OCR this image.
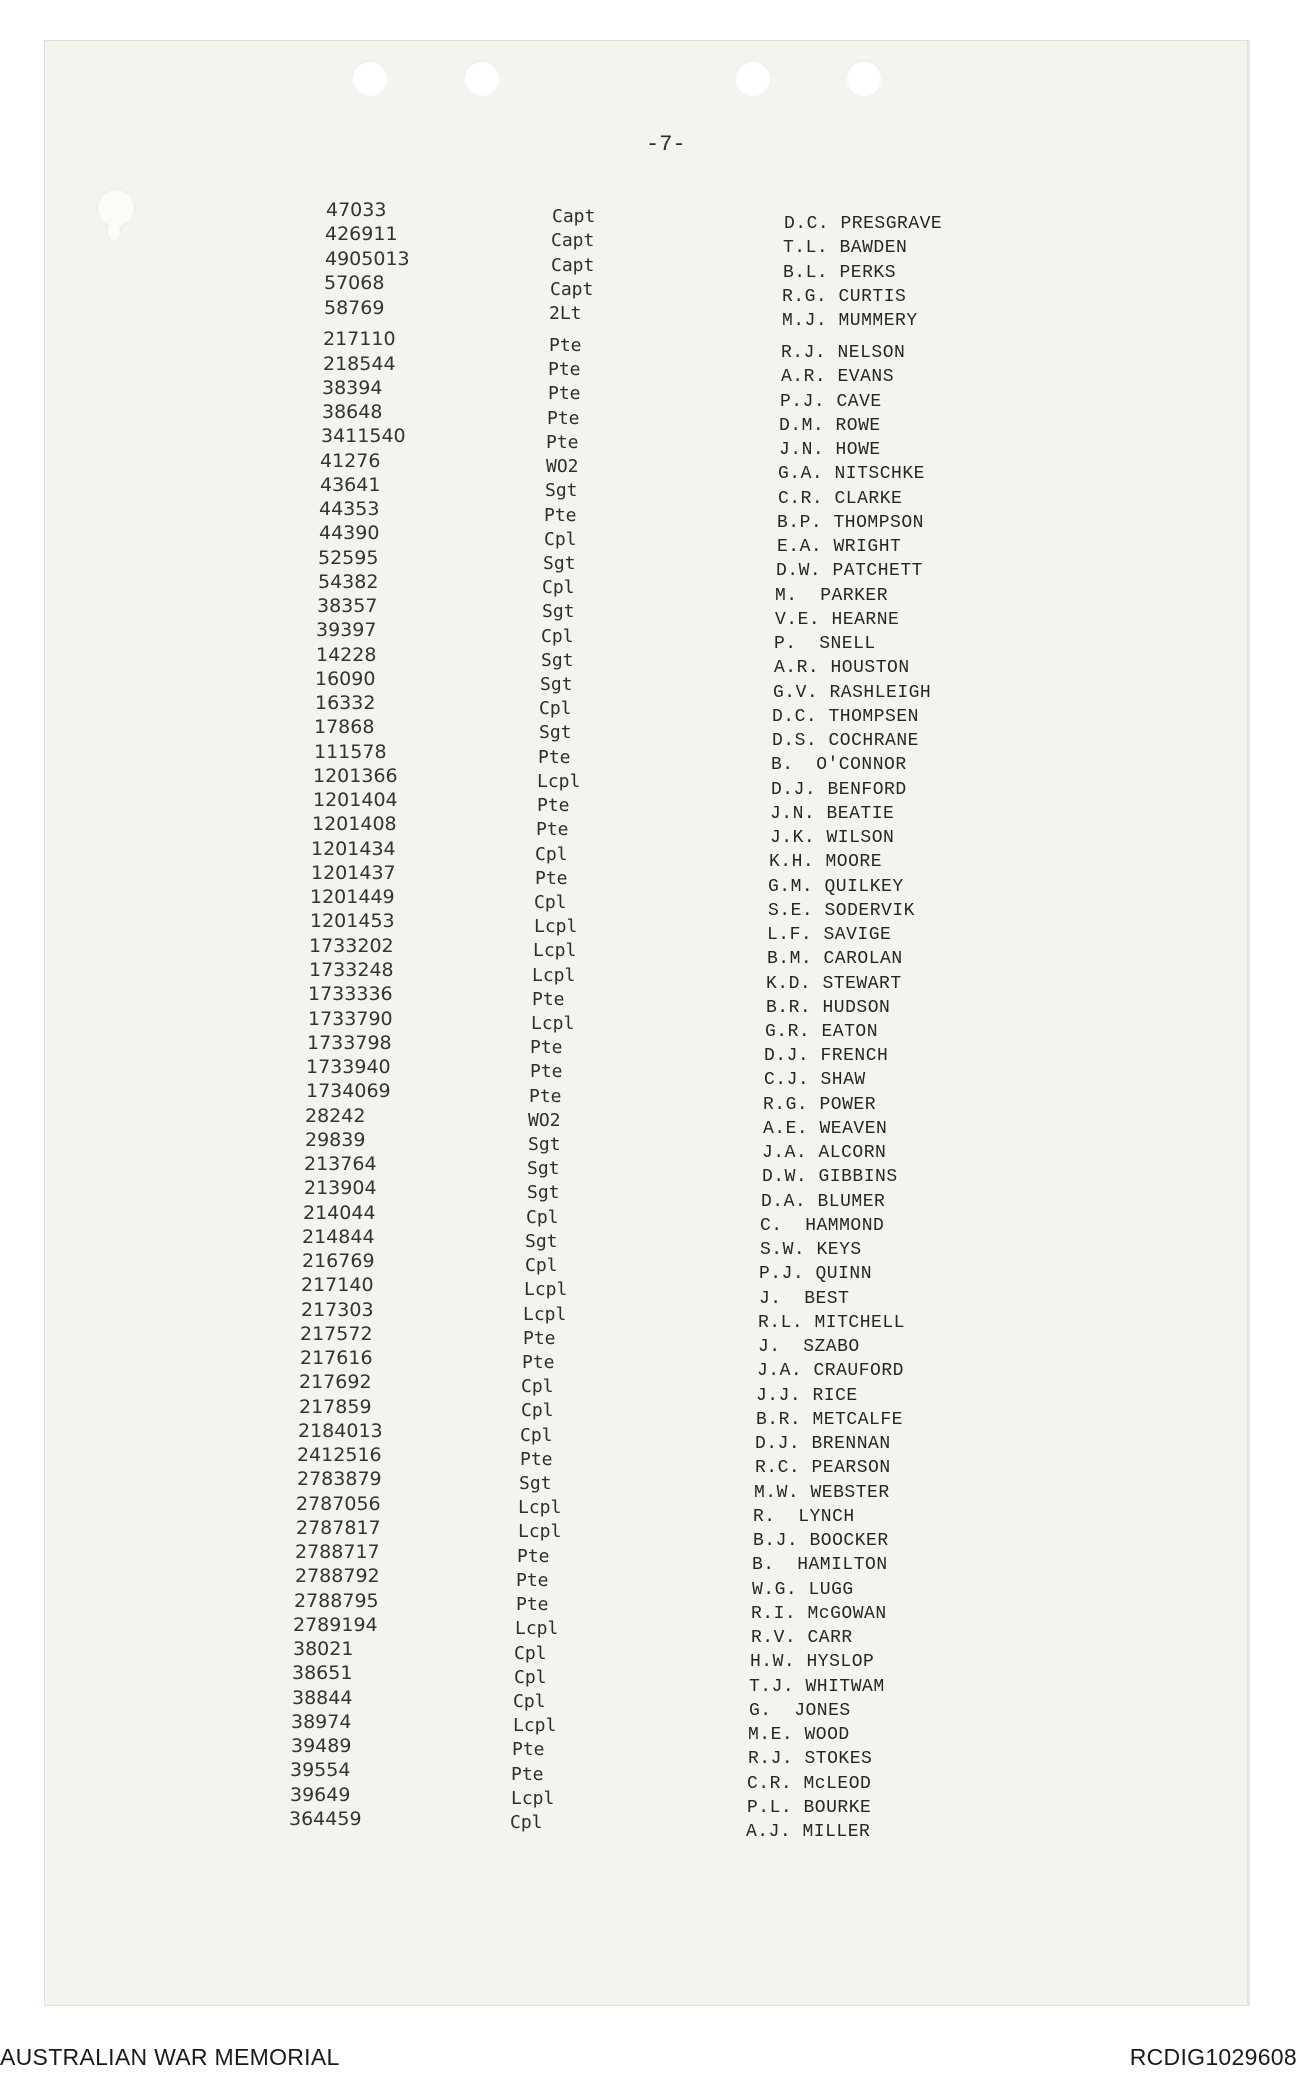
-7-
47033	Capt	D.C. PRESGRAVE
426911	Capt	T.L. BAWDEN
4905013	Capt	B.L. PERKS
57068	Capt	R.G. CURTIS
58769	2Lt	M.J. MUMMERY
217110	Pte	R.J. NELSON
218544	Pte	A.R. EVANS
38394	Pte	P.J. CAVE
38648	Pte	D.M. ROWE
3411540	Pte	J.N. HOWE
41276	WO2	G.A. NITSCHKE
43641	Sgt	C.R. CLARKE
44353	Pte	B.P. THOMPSON
44390	Cpl	E.A. WRIGHT
52595	Sgt	D.W. PATCHETT
54382	Cpl	M.  PARKER
38357	Sgt	V.E. HEARNE
39397	Cpl	P.  SNELL
14228	Sgt	A.R. HOUSTON
16090	Sgt	G.V. RASHLEIGH
16332	Cpl	D.C. THOMPSEN
17868	Sgt	D.S. COCHRANE
111578	Pte	B.  O'CONNOR
1201366	Lcpl	D.J. BENFORD
1201404	Pte	J.N. BEATIE
1201408	Pte	J.K. WILSON
1201434	Cpl	K.H. MOORE
1201437	Pte	G.M. QUILKEY
1201449	Cpl	S.E. SODERVIK
1201453	Lcpl	L.F. SAVIGE
1733202	Lcpl	B.M. CAROLAN
1733248	Lcpl	K.D. STEWART
1733336	Pte	B.R. HUDSON
1733790	Lcpl	G.R. EATON
1733798	Pte	D.J. FRENCH
1733940	Pte	C.J. SHAW
1734069	Pte	R.G. POWER
28242	WO2	A.E. WEAVEN
29839	Sgt	J.A. ALCORN
213764	Sgt	D.W. GIBBINS
213904	Sgt	D.A. BLUMER
214044	Cpl	C.  HAMMOND
214844	Sgt	S.W. KEYS
216769	Cpl	P.J. QUINN
217140	Lcpl	J.  BEST
217303	Lcpl	R.L. MITCHELL
217572	Pte	J.  SZABO
217616	Pte	J.A. CRAUFORD
217692	Cpl	J.J. RICE
217859	Cpl	B.R. METCALFE
2184013	Cpl	D.J. BRENNAN
2412516	Pte	R.C. PEARSON
2783879	Sgt	M.W. WEBSTER
2787056	Lcpl	R.  LYNCH
2787817	Lcpl	B.J. BOOCKER
2788717	Pte	B.  HAMILTON
2788792	Pte	W.G. LUGG
2788795	Pte	R.I. McGOWAN
2789194	Lcpl	R.V. CARR
38021	Cpl	H.W. HYSLOP
38651	Cpl	T.J. WHITWAM
38844	Cpl	G.  JONES
38974	Lcpl	M.E. WOOD
39489	Pte	R.J. STOKES
39554	Pte	C.R. McLEOD
39649	Lcpl	P.L. BOURKE
364459	Cpl	A.J. MILLER
AUSTRALIAN WAR MEMORIAL	RCDIG1029608
